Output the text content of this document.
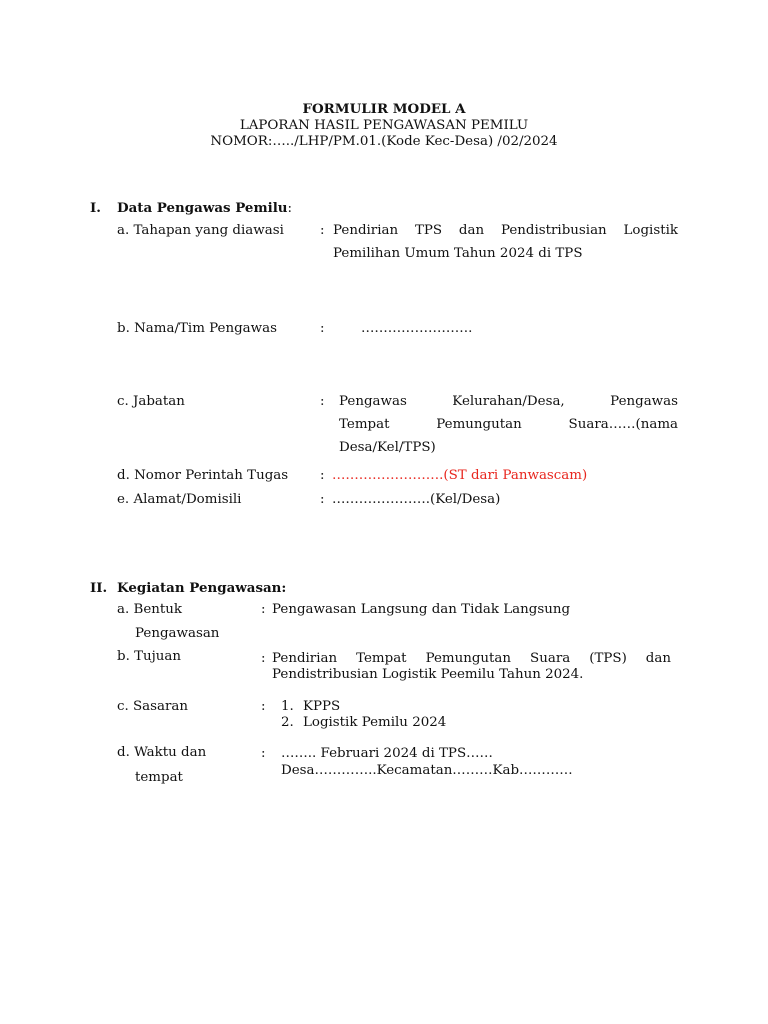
FORMULIR MODEL A
LAPORAN HASIL PENGAWASAN PEMILU
NOMOR:…../LHP/PM.01.(Kode Kec-Desa) /02/2024
I. Data Pengawas Pemilu:
a. Tahapan yang diawasi	: Pendirian TPS dan Pendistribusian Logistik
Pemilihan Umum Tahun 2024 di TPS
b. Nama/Tim Pengawas	:	…………………….
c. Jabatan	: Pengawas Kelurahan/Desa, Pengawas
Tempat Pemungutan Suara……(nama
Desa/Kel/TPS)
d. Nomor Perintah Tugas : …………………….(ST dari Panwascam)
e. Alamat/Domisili	: ………………….(Kel/Desa)
II. Kegiatan Pengawasan:
a. Bentuk
Pengawasan
: Pengawasan Langsung dan Tidak Langsung
b. Tujuan	: Pendirian Tempat Pemungutan Suara (TPS) dan
Pendistribusian Logistik Peemilu Tahun 2024.
c. Sasaran	: 1. KPPS
2. Logistik Pemilu 2024
d. Waktu dan
tempat
: …….. Februari 2024 di TPS……
Desa…………..Kecamatan………Kab…………
